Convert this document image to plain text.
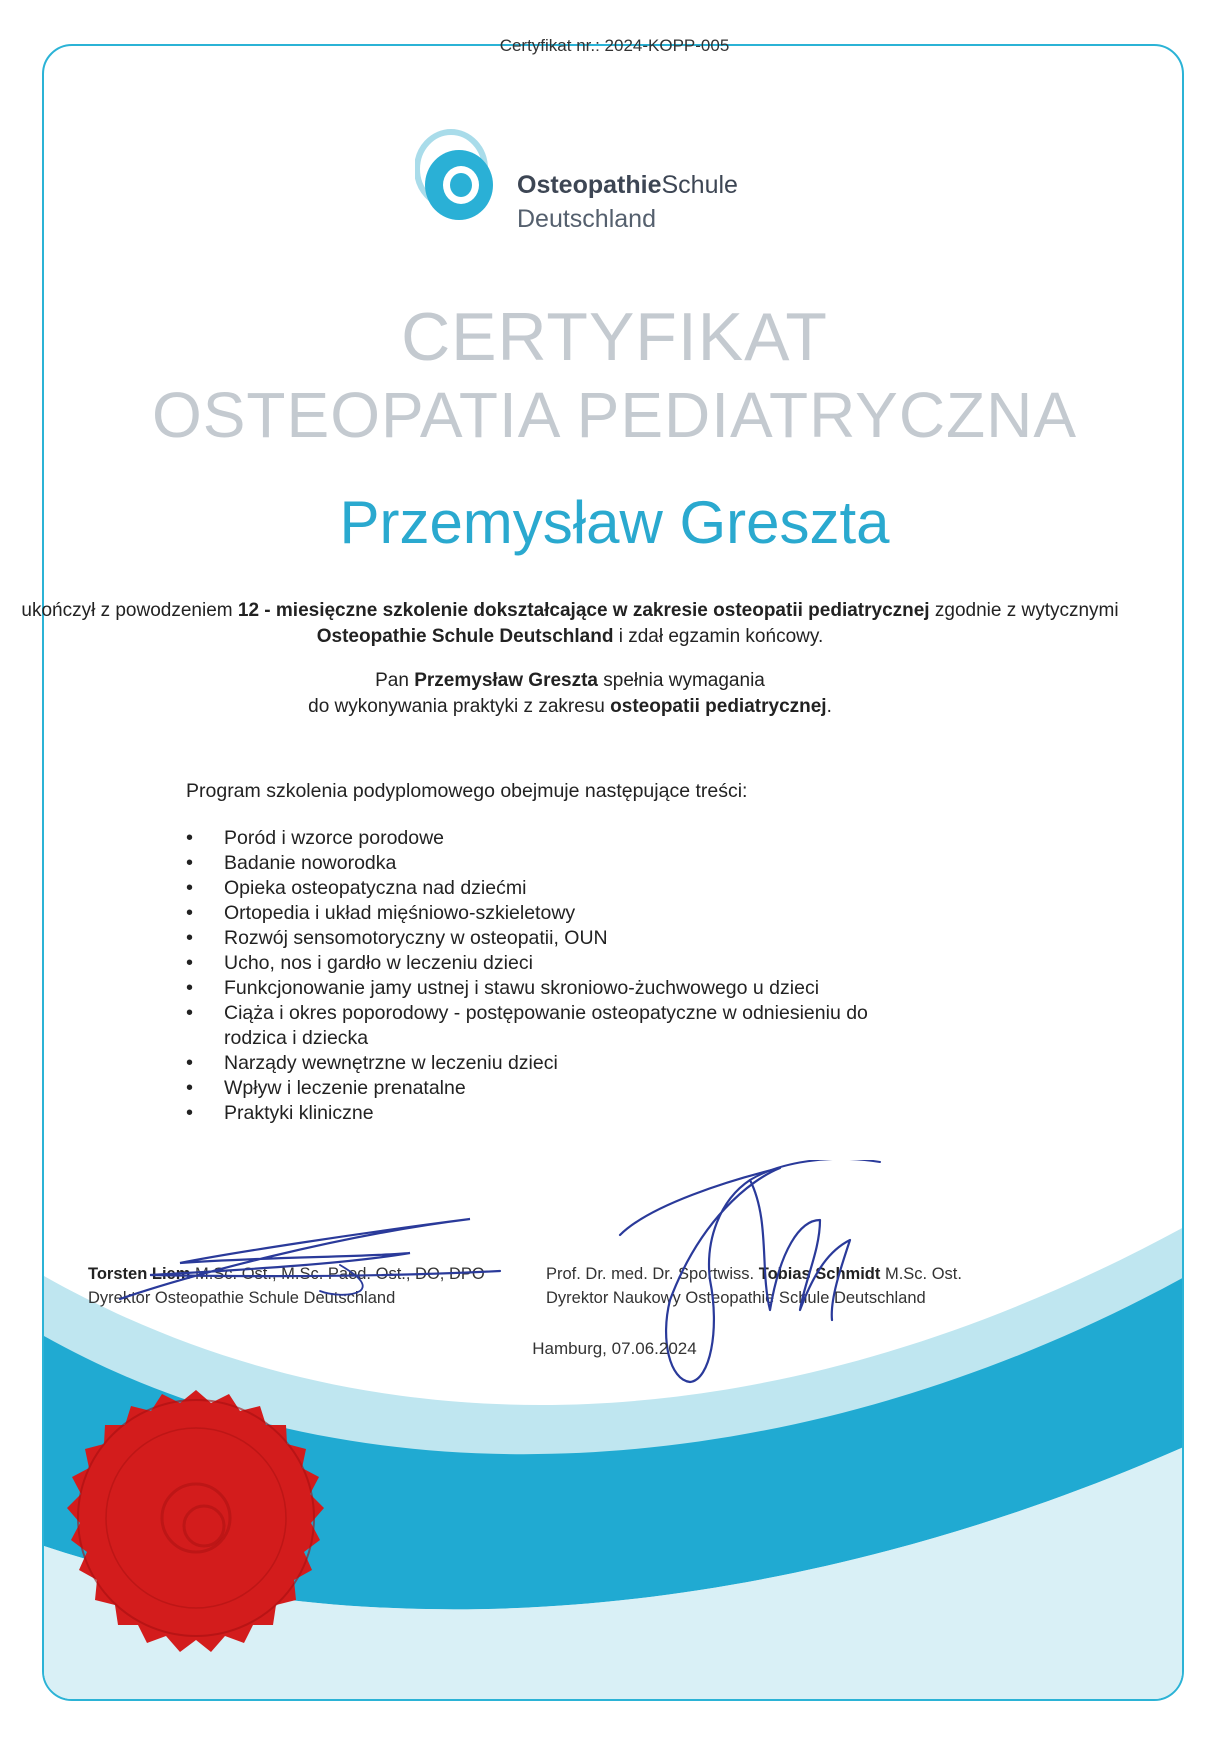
Certyfikat nr.: 2024-KOPP-005
OsteopathieSchule
Deutschland
CERTYFIKAT
OSTEOPATIA PEDIATRYCZNA
Przemysław Greszta
ukończył z powodzeniem 12 - miesięczne szkolenie dokształcające w zakresie osteopatii pediatrycznej zgodnie z wytycznymi Osteopathie Schule Deutschland i zdał egzamin końcowy.
Pan Przemysław Greszta spełnia wymagania
do wykonywania praktyki z zakresu osteopatii pediatrycznej.
Program szkolenia podyplomowego obejmuje następujące treści:
• Poród i wzorce porodowe
• Badanie noworodka
• Opieka osteopatyczna nad dziećmi
• Ortopedia i układ mięśniowo-szkieletowy
• Rozwój sensomotoryczny w osteopatii, OUN
• Ucho, nos i gardło w leczeniu dzieci
• Funkcjonowanie jamy ustnej i stawu skroniowo-żuchwowego u dzieci
• Ciąża i okres poporodowy - postępowanie osteopatyczne w odniesieniu do rodzica i dziecka
• Narządy wewnętrzne w leczeniu dzieci
• Wpływ i leczenie prenatalne
• Praktyki kliniczne
Torsten Liem M.Sc. Ost., M.Sc. Paed. Ost., DO, DPO
Dyrektor Osteopathie Schule Deutschland
Prof. Dr. med. Dr. Sportwiss. Tobias Schmidt M.Sc. Ost.
Dyrektor Naukowy Osteopathie Schule Deutschland
Hamburg, 07.06.2024
